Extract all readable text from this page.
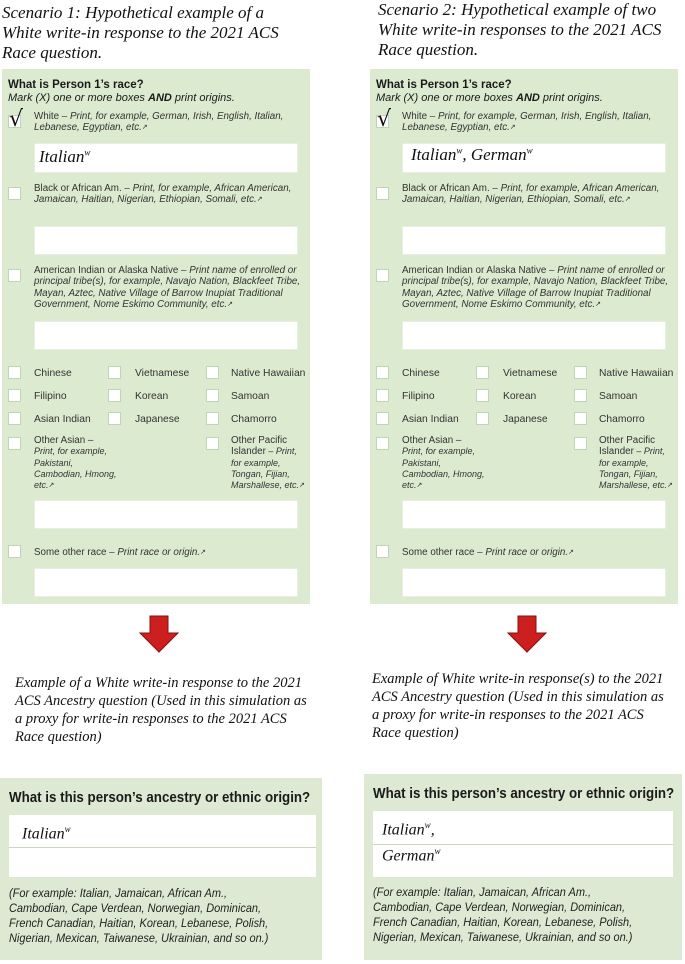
Scenario 1: Hypothetical example of a White write-in response to the 2021 ACS Race question.
What is Person 1’s race?
Mark (X) one or more boxes AND print origins.
√ White – Print, for example, German, Irish, English, Italian, Lebanese, Egyptian, etc. ↗
Italian$^w$
Black or African Am. – Print, for example, African American, Jamaican, Haitian, Nigerian, Ethiopian, Somali, etc. ↗
American Indian or Alaska Native – Print name of enrolled or principal tribe(s), for example, Navajo Nation, Blackfeet Tribe, Mayan, Aztec, Native Village of Barrow Inupiat Traditional Government, Nome Eskimo Community, etc. ↗
Chinese	Vietnamese	Native Hawaiian
Filipino	Korean	Samoan
Asian Indian	Japanese	Chamorro
Other Asian –
Print, for example, Pakistani, Cambodian, Hmong, etc. ↗
Other Pacific Islander – Print, for example, Tongan, Fijian, Marshallese, etc. ↗
Some other race – Print race or origin. ↗
Example of a White write-in response to the 2021 ACS Ancestry question (Used in this simulation as a proxy for write-in responses to the 2021 ACS Race question)
What is this person’s ancestry or ethnic origin?
Italian$^w$
(For example: Italian, Jamaican, African Am.,
Cambodian, Cape Verdean, Norwegian, Dominican,
French Canadian, Haitian, Korean, Lebanese, Polish,
Nigerian, Mexican, Taiwanese, Ukrainian, and so on.)
Scenario 2: Hypothetical example of two White write-in responses to the 2021 ACS Race question.
What is Person 1’s race?
Mark (X) one or more boxes AND print origins.
√ White – Print, for example, German, Irish, English, Italian, Lebanese, Egyptian, etc. ↗
Italian$^w$, German$^w$
Black or African Am. – Print, for example, African American, Jamaican, Haitian, Nigerian, Ethiopian, Somali, etc. ↗
American Indian or Alaska Native – Print name of enrolled or principal tribe(s), for example, Navajo Nation, Blackfeet Tribe, Mayan, Aztec, Native Village of Barrow Inupiat Traditional Government, Nome Eskimo Community, etc. ↗
Chinese	Vietnamese	Native Hawaiian
Filipino	Korean	Samoan
Asian Indian	Japanese	Chamorro
Other Asian –
Print, for example, Pakistani, Cambodian, Hmong, etc. ↗
Other Pacific Islander – Print, for example, Tongan, Fijian, Marshallese, etc. ↗
Some other race – Print race or origin. ↗
Example of White write-in response(s) to the 2021 ACS Ancestry question (Used in this simulation as a proxy for write-in responses to the 2021 ACS Race question)
What is this person’s ancestry or ethnic origin?
Italian$^w$,
German$^w$
(For example: Italian, Jamaican, African Am.,
Cambodian, Cape Verdean, Norwegian, Dominican,
French Canadian, Haitian, Korean, Lebanese, Polish,
Nigerian, Mexican, Taiwanese, Ukrainian, and so on.)
